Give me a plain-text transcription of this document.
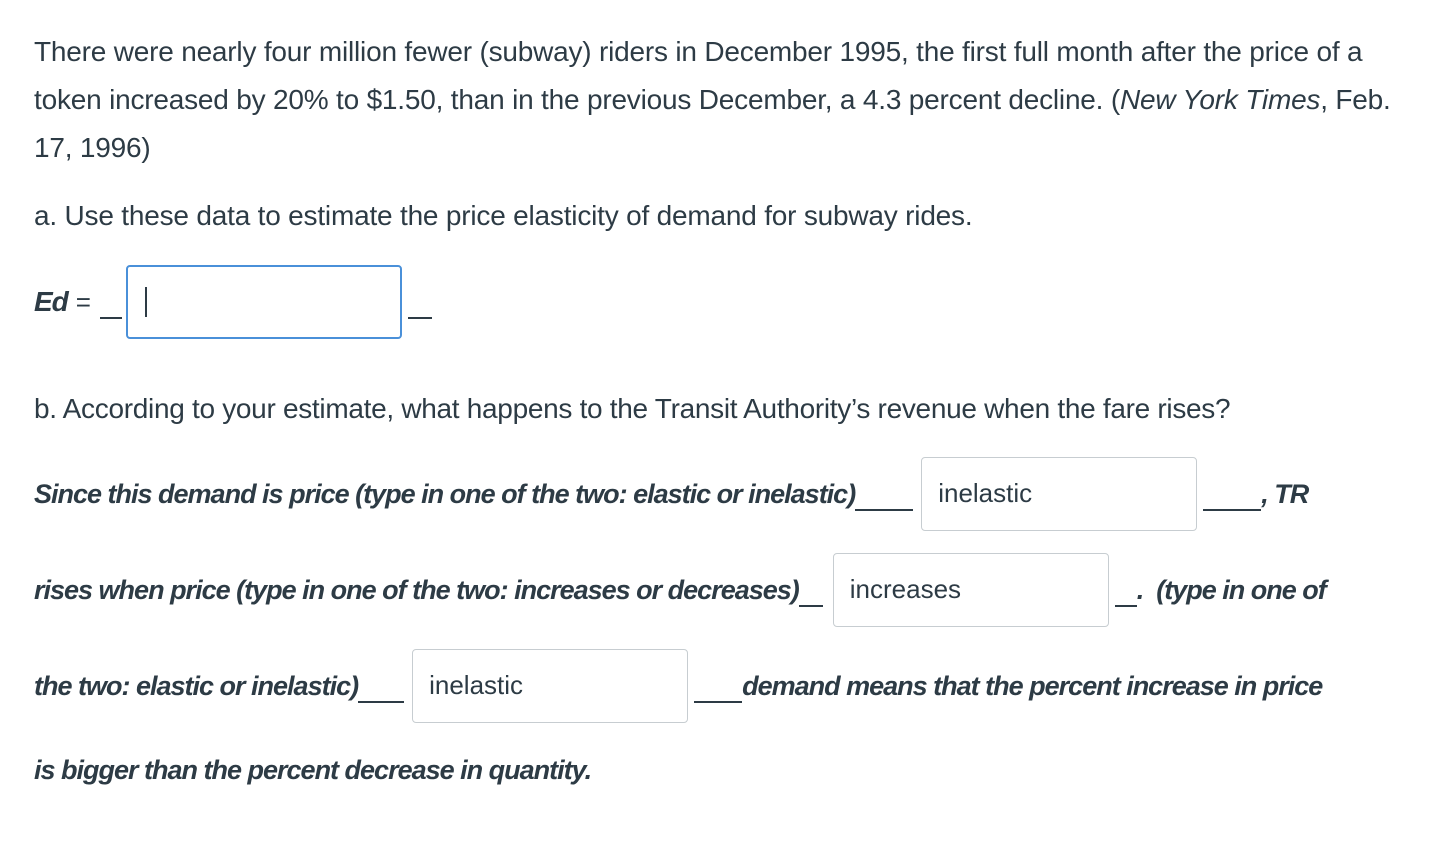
There were nearly four million fewer (subway) riders in December 1995, the first full month after the price of a token increased by 20% to $1.50, than in the previous December, a 4.3 percent decline. (New York Times, Feb. 17, 1996)
a. Use these data to estimate the price elasticity of demand for subway rides.
Ed =
b. According to your estimate, what happens to the Transit Authority’s revenue when the fare rises?
Since this demand is price (type in one of the two: elastic or inelastic)	inelastic	, TR
rises when price (type in one of the two: increases or decreases)	increases	.  (type in one of
the two: elastic or inelastic)	inelastic	demand means that the percent increase in price
is bigger than the percent decrease in quantity.
